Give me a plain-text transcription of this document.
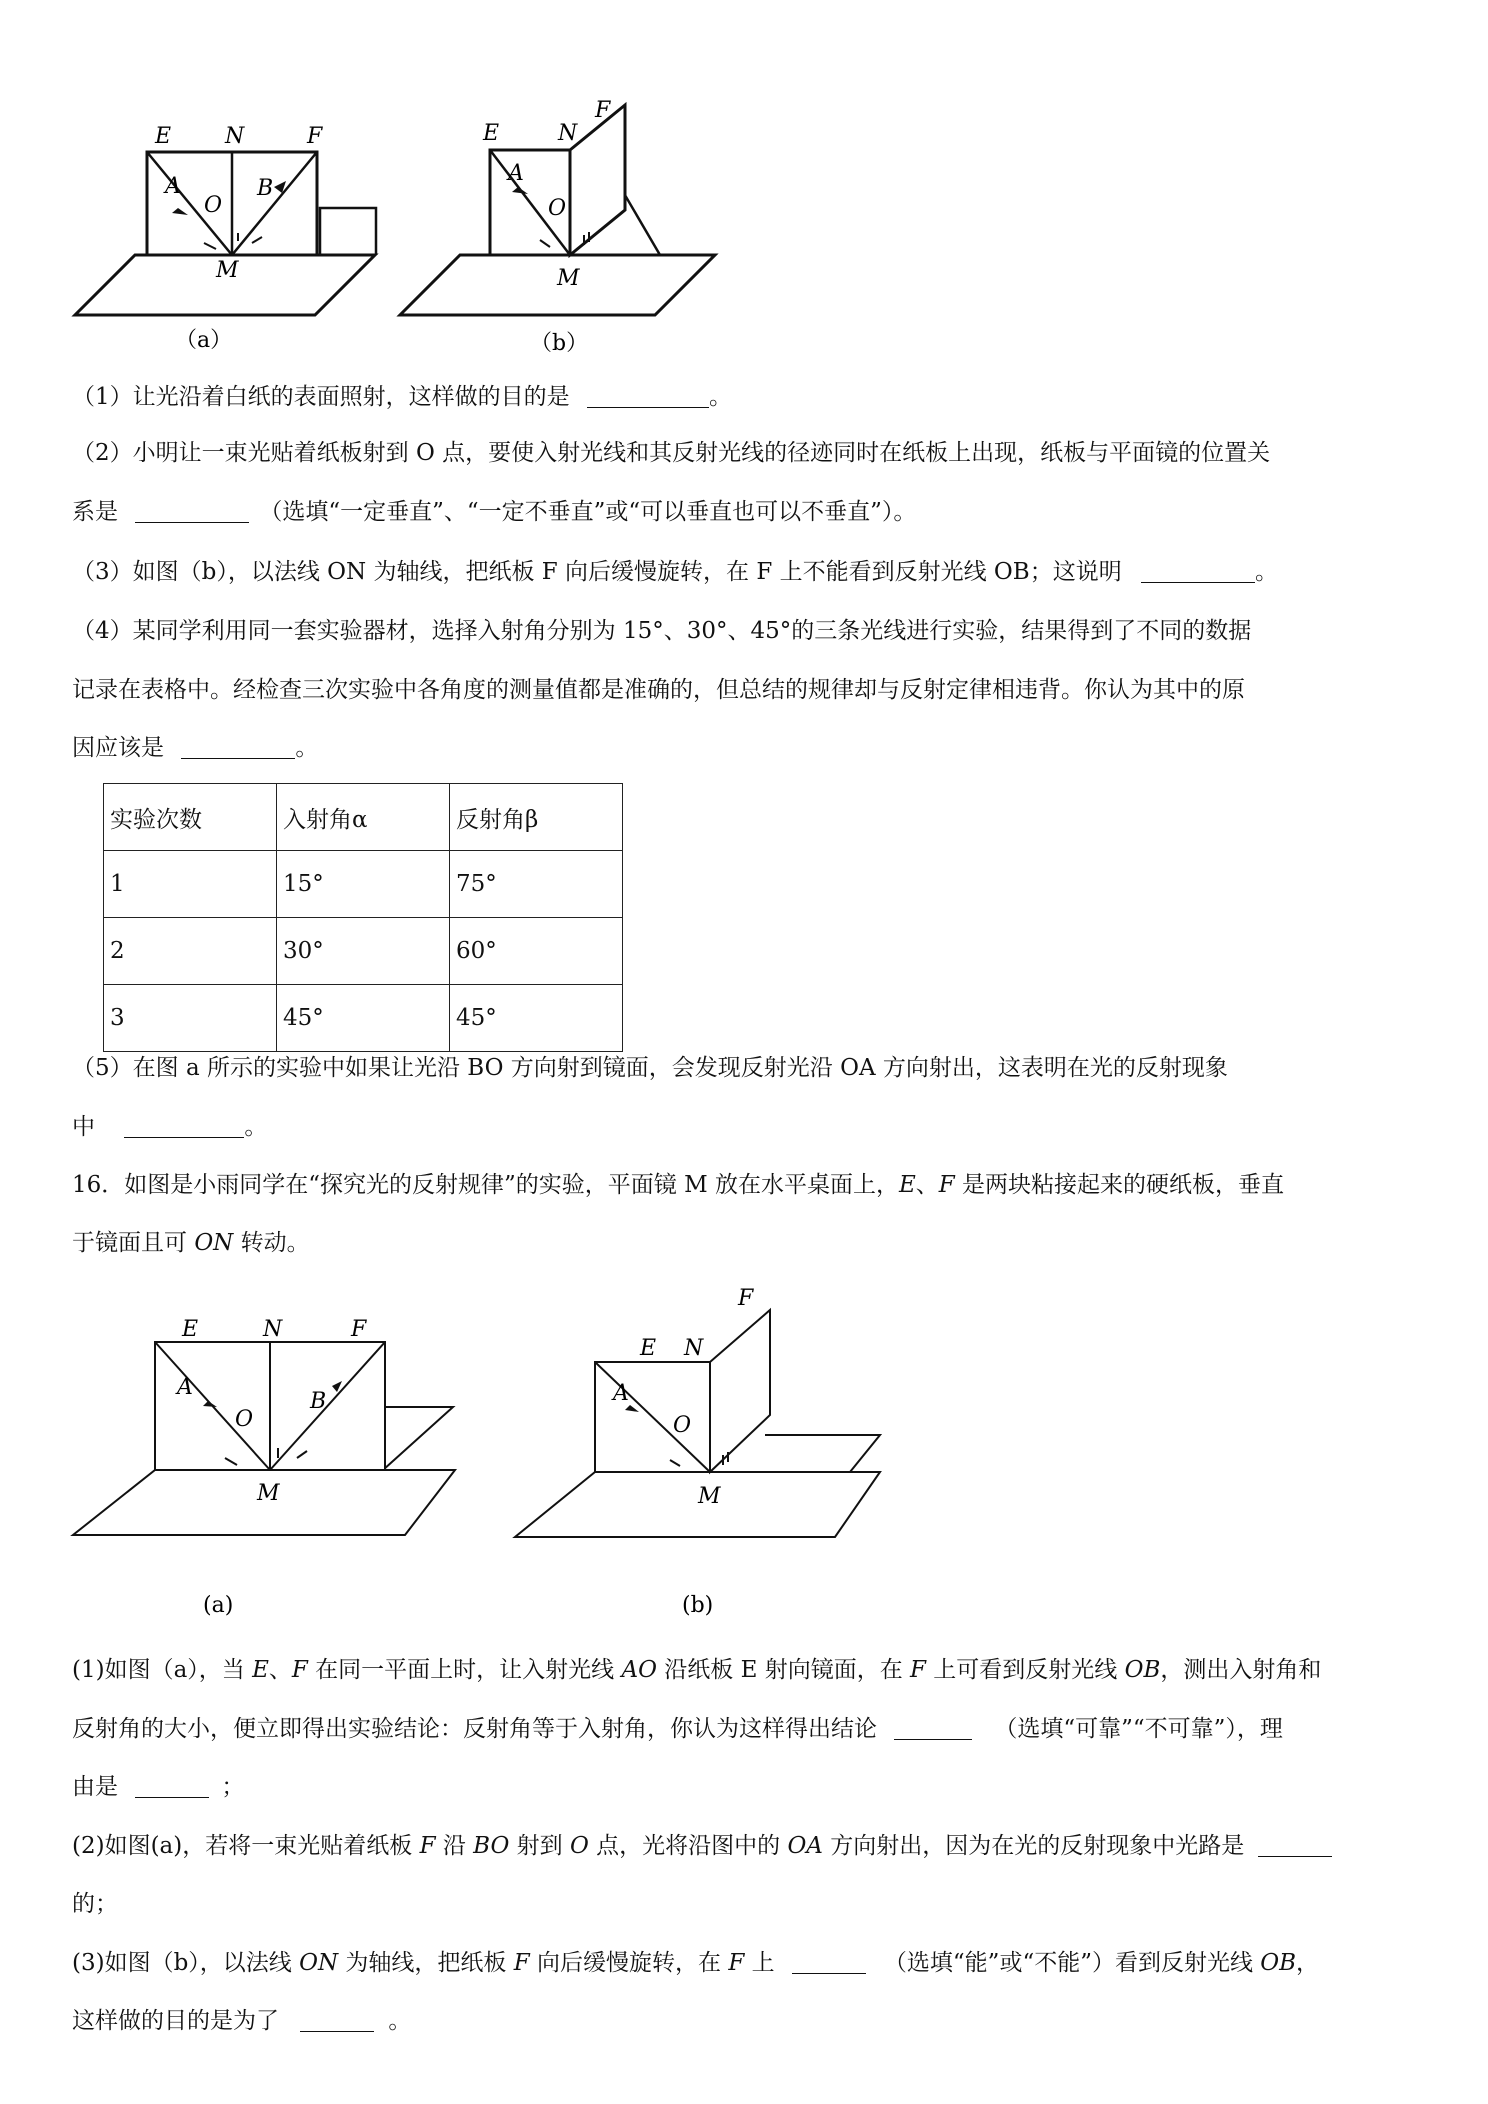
E N	F
A
O
B
M
（a）
E	N
F
A
O
M
（b）
（1）让光沿着白纸的表面照射，这样做的目的是	。
（2）小明让一束光贴着纸板射到 O 点，要使入射光线和其反射光线的径迹同时在纸板上出现，纸板与平面镜的位置关
系是	（选填“一定垂直”、“一定不垂直”或“可以垂直也可以不垂直”）。
（3）如图（b），以法线 ON 为轴线，把纸板 F 向后缓慢旋转，在 F 上不能看到反射光线 OB；这说明	。
（4）某同学利用同一套实验器材，选择入射角分别为 15°、30°、45°的三条光线进行实验，结果得到了不同的数据
记录在表格中。经检查三次实验中各角度的测量值都是准确的，但总结的规律却与反射定律相违背。你认为其中的原
因应该是	。
实验次数	入射角α	反射角β
1	15°	75°
2	30°	60°
3	45°	45°
（5）在图 a 所示的实验中如果让光沿 BO 方向射到镜面，会发现反射光沿 OA 方向射出，这表明在光的反射现象
中	。
16．如图是小雨同学在“探究光的反射规律”的实验，平面镜 M 放在水平桌面上，E、F 是两块粘接起来的硬纸板，垂直
于镜面且可 ON 转动。
E	N	F
A
O
B
M
(a)
E N
F
A
O
M
(b)
(1)如图（a），当 E、F 在同一平面上时，让入射光线 AO 沿纸板 E 射向镜面，在 F 上可看到反射光线 OB，测出入射角和
反射角的大小，便立即得出实验结论：反射角等于入射角，你认为这样得出结论	（选填“可靠”“不可靠”），理
由是	；
(2)如图(a)，若将一束光贴着纸板 F 沿 BO 射到 O 点，光将沿图中的 OA 方向射出，因为在光的反射现象中光路是
的；
(3)如图（b），以法线 ON 为轴线，把纸板 F 向后缓慢旋转，在 F 上	（选填“能”或“不能”）看到反射光线 OB，
这样做的目的是为了	。
